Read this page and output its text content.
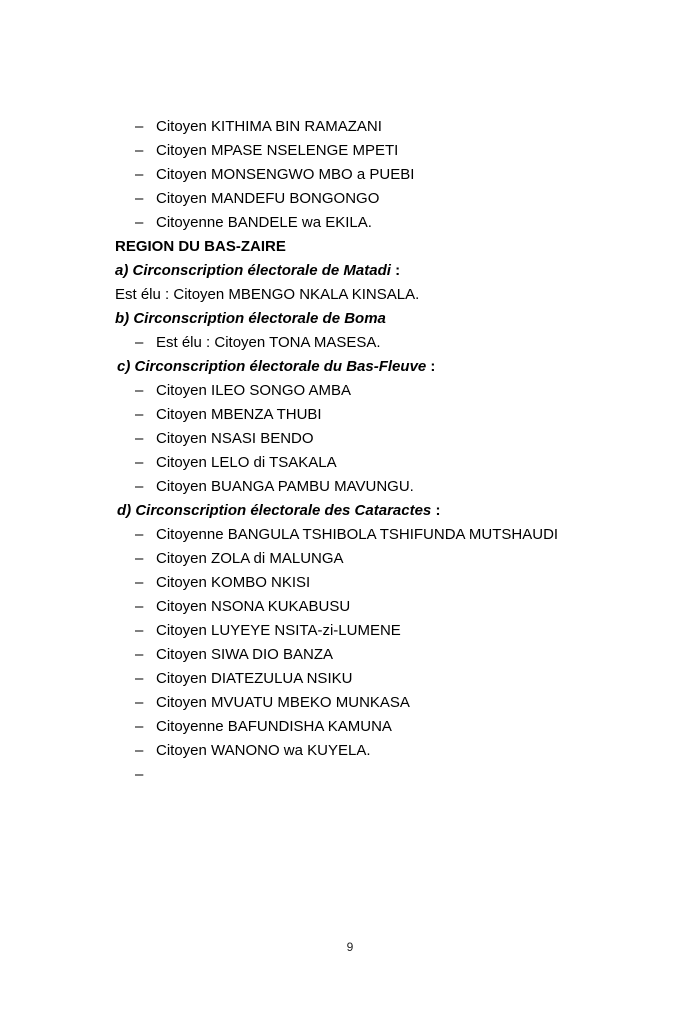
– Citoyen KITHIMA BIN RAMAZANI
– Citoyen MPASE NSELENGE MPETI
– Citoyen MONSENGWO MBO a PUEBI
– Citoyen MANDEFU BONGONGO
– Citoyenne BANDELE wa EKILA.
REGION DU BAS-ZAIRE
a) Circonscription électorale de Matadi :
Est élu : Citoyen MBENGO NKALA KINSALA.
b) Circonscription électorale de Boma
– Est élu : Citoyen TONA MASESA.
c) Circonscription électorale du Bas-Fleuve :
– Citoyen ILEO SONGO AMBA
– Citoyen MBENZA THUBI
– Citoyen NSASI BENDO
– Citoyen LELO di TSAKALA
– Citoyen BUANGA PAMBU MAVUNGU.
d) Circonscription électorale des Cataractes :
– Citoyenne BANGULA TSHIBOLA TSHIFUNDA MUTSHAUDI
– Citoyen ZOLA di MALUNGA
– Citoyen KOMBO NKISI
– Citoyen NSONA KUKABUSU
– Citoyen LUYEYE NSITA-zi-LUMENE
– Citoyen SIWA DIO BANZA
– Citoyen DIATEZULUA NSIKU
– Citoyen MVUATU MBEKO MUNKASA
– Citoyenne BAFUNDISHA KAMUNA
– Citoyen WANONO wa KUYELA.
–
9
